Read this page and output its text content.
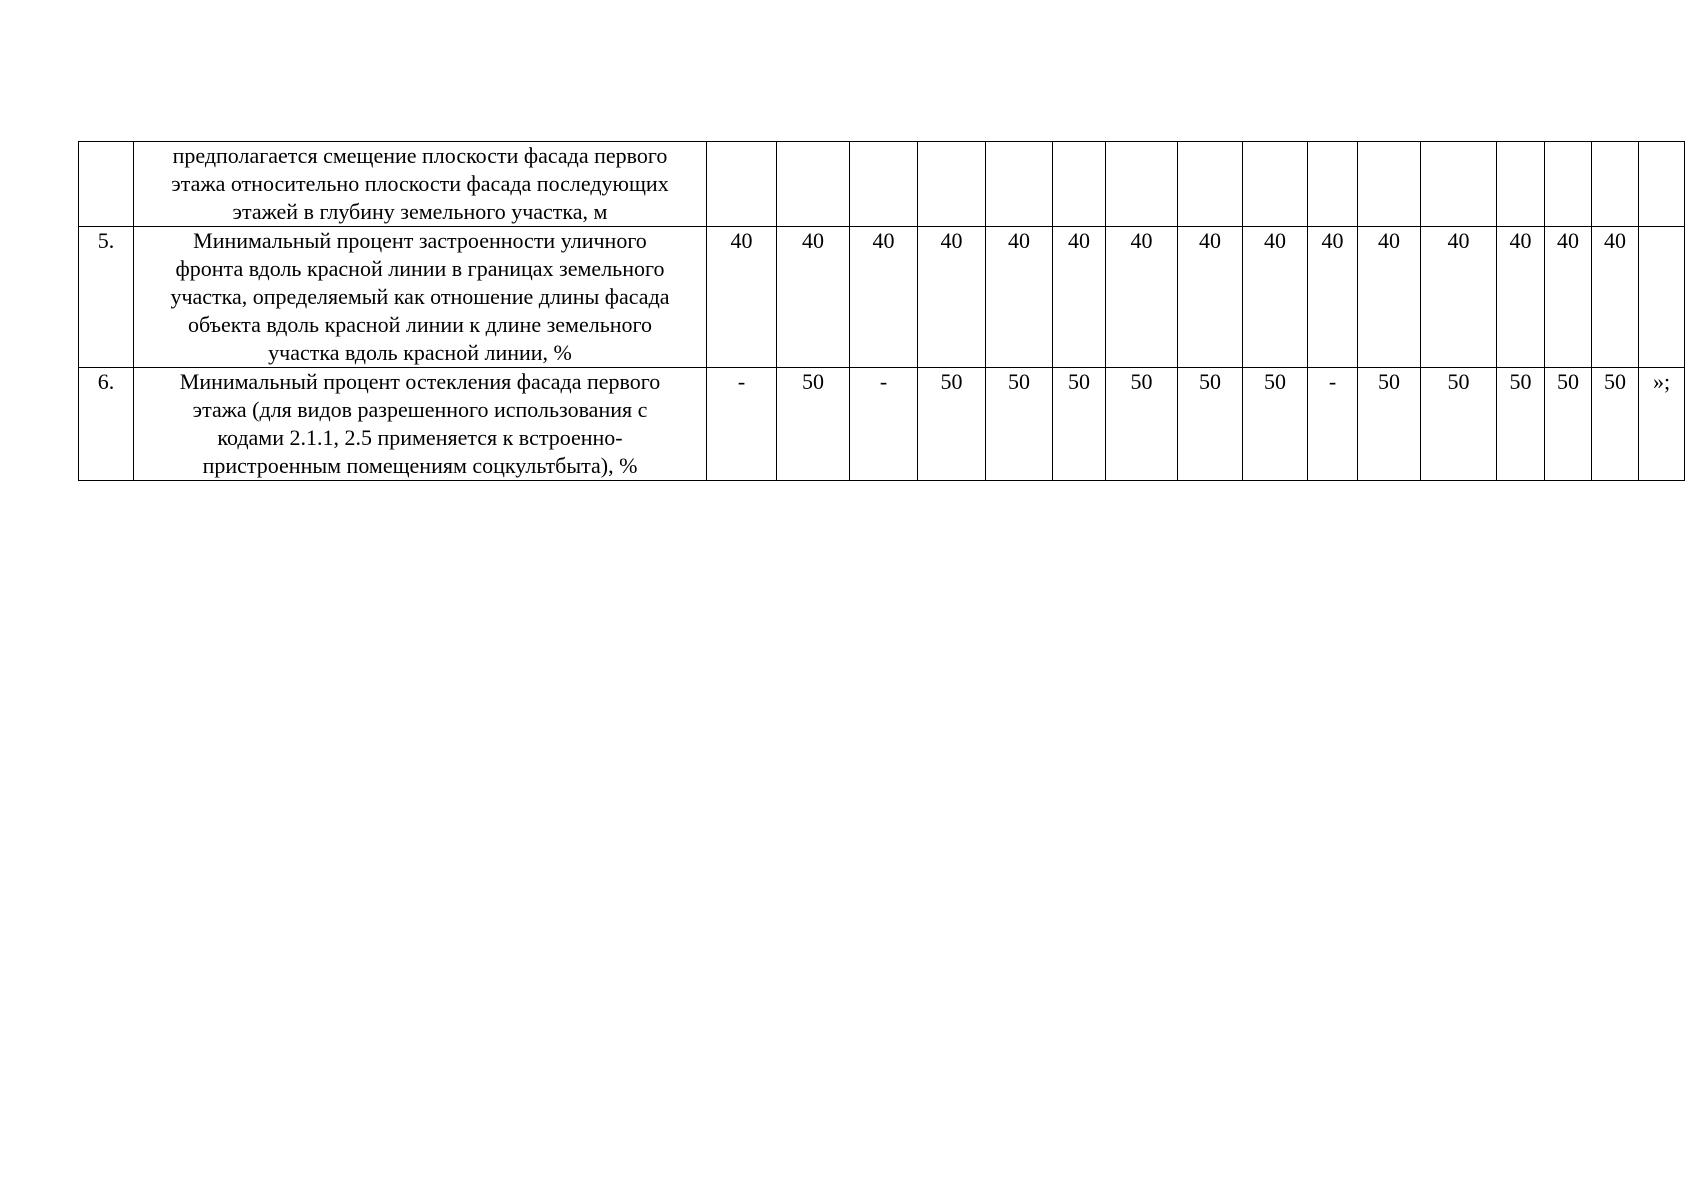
	предполагается смещение плоскости фасада первого
этажа относительно плоскости фасада последующих
этажей в глубину земельного участка, м																

5.	Минимальный процент застроенности уличного
фронта вдоль красной линии в границах земельного
участка, определяемый как отношение длины фасада
объекта вдоль красной линии к длине земельного
участка вдоль красной линии, %	40	40	40	40	40	40	40	40	40	40	40	40	40	40	40	
6.	Минимальный процент остекления фасада первого
этажа (для видов разрешенного использования с
кодами 2.1.1, 2.5 применяется к встроенно-
пристроенным помещениям соцкультбыта), %	-	50	-	50	50	50	50	50	50	-	50	50	50	50	50	»;
